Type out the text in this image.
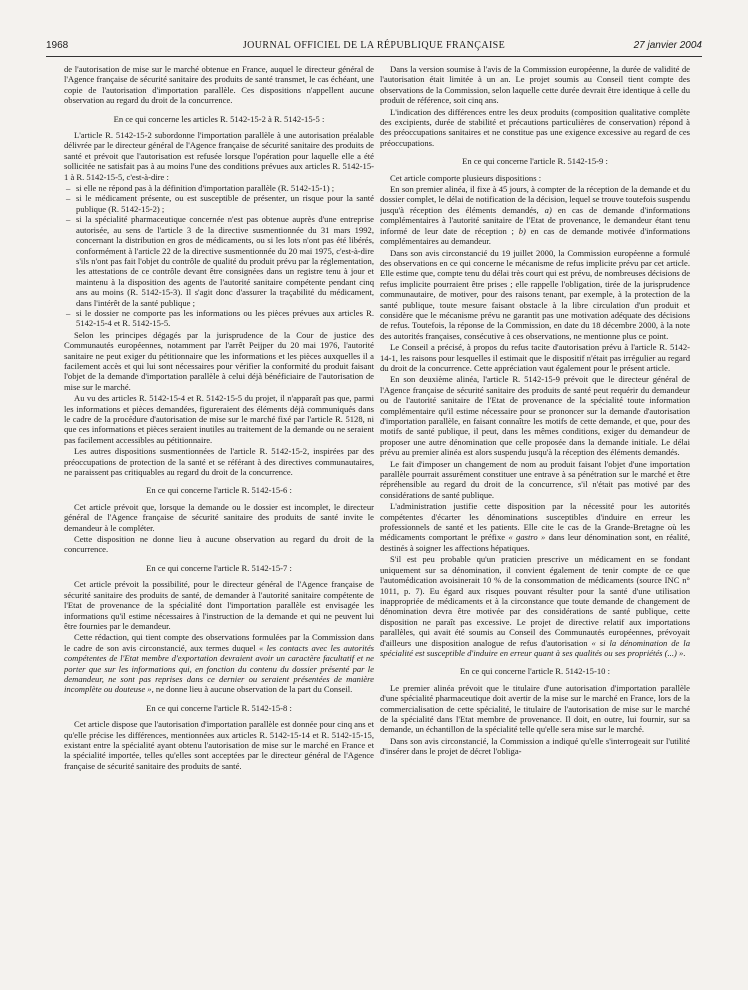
1968	JOURNAL OFFICIEL DE LA RÉPUBLIQUE FRANÇAISE	27 janvier 2004

de l'autorisation de mise sur le marché obtenue en France, auquel le directeur général de l'Agence française de sécurité sanitaire des produits de santé transmet, le cas échéant, une copie de l'autorisation d'importation parallèle. Ces dispositions n'appellent aucune observation au regard du droit de la concurrence.

En ce qui concerne les articles R. 5142-15-2 à R. 5142-15-5 :

L'article R. 5142-15-2 subordonne l'importation parallèle à une autorisation préalable délivrée par le directeur général de l'Agence française de sécurité sanitaire des produits de santé et prévoit que l'autorisation est refusée lorsque l'opération pour laquelle elle a été sollicitée ne satisfait pas à au moins l'une des conditions prévues aux articles R. 5142-15-1 à R. 5142-15-5, c'est-à-dire :

– si elle ne répond pas à la définition d'importation parallèle (R. 5142-15-1) ;
– si le médicament présente, ou est susceptible de présenter, un risque pour la santé publique (R. 5142-15-2) ;
– si la spécialité pharmaceutique concernée n'est pas obtenue auprès d'une entreprise autorisée, au sens de l'article 3 de la directive susmentionnée du 31 mars 1992, concernant la distribution en gros de médicaments, ou si les lots n'ont pas été libérés, conformément à l'article 22 de la directive susmentionnée du 20 mai 1975, c'est-à-dire s'ils n'ont pas fait l'objet du contrôle de qualité du produit prévu par la réglementation, les attestations de ce contrôle devant être consignées dans un registre tenu à jour et maintenu à la disposition des agents de l'autorité sanitaire compétente pendant cinq ans au moins (R. 5142-15-3). Il s'agit donc d'assurer la traçabilité du médicament, dans l'intérêt de la santé publique ;
– si le dossier ne comporte pas les informations ou les pièces prévues aux articles R. 5142-15-4 et R. 5142-15-5.

Selon les principes dégagés par la jurisprudence de la Cour de justice des Communautés européennes, notamment par l'arrêt Peijper du 20 mai 1976, l'autorité sanitaire ne peut exiger du pétitionnaire que les informations et les pièces auxquelles il a facilement accès et qui lui sont nécessaires pour vérifier la conformité du produit faisant l'objet de la demande d'importation parallèle à celui déjà bénéficiaire de l'autorisation de mise sur le marché.

Au vu des articles R. 5142-15-4 et R. 5142-15-5 du projet, il n'apparaît pas que, parmi les informations et pièces demandées, figureraient des éléments déjà communiqués dans le cadre de la procédure d'autorisation de mise sur le marché fixé par l'article R. 5128, ni que ces informations et pièces seraient inutiles au traitement de la demande ou ne seraient pas facilement accessibles au pétitionnaire.

Les autres dispositions susmentionnées de l'article R. 5142-15-2, inspirées par des préoccupations de protection de la santé et se référant à des directives communautaires, ne paraissent pas critiquables au regard du droit de la concurrence.

En ce qui concerne l'article R. 5142-15-6 :

Cet article prévoit que, lorsque la demande ou le dossier est incomplet, le directeur général de l'Agence française de sécurité sanitaire des produits de santé invite le demandeur à le compléter.

Cette disposition ne donne lieu à aucune observation au regard du droit de la concurrence.

En ce qui concerne l'article R. 5142-15-7 :

Cet article prévoit la possibilité, pour le directeur général de l'Agence française de sécurité sanitaire des produits de santé, de demander à l'autorité sanitaire compétente de l'Etat de provenance de la spécialité dont l'importation parallèle est envisagée les informations qu'il estime nécessaires à l'instruction de la demande et qui ne peuvent lui être fournies par le demandeur.

Cette rédaction, qui tient compte des observations formulées par la Commission dans le cadre de son avis circonstancié, aux termes duquel « les contacts avec les autorités compétentes de l'Etat membre d'exportation devraient avoir un caractère facultatif et ne porter que sur les informations qui, en fonction du contenu du dossier présenté par le demandeur, ne sont pas reprises dans ce dernier ou seraient présentées de manière incomplète ou douteuse », ne donne lieu à aucune observation de la part du Conseil.

En ce qui concerne l'article R. 5142-15-8 :

Cet article dispose que l'autorisation d'importation parallèle est donnée pour cinq ans et qu'elle précise les différences, mentionnées aux articles R. 5142-15-14 et R. 5142-15-15, existant entre la spécialité ayant obtenu l'autorisation de mise sur le marché en France et la spécialité importée, telles qu'elles sont acceptées par le directeur général de l'Agence française de sécurité sanitaire des produits de santé.

Dans la version soumise à l'avis de la Commission européenne, la durée de validité de l'autorisation était limitée à un an. Le projet soumis au Conseil tient compte des observations de la Commission, selon laquelle cette durée devrait être identique à celle du produit de référence, soit cinq ans.

L'indication des différences entre les deux produits (composition qualitative complète des excipients, durée de stabilité et précautions particulières de conservation) répond à des préoccupations sanitaires et ne constitue pas une exigence excessive au regard de ces préoccupations.

En ce qui concerne l'article R. 5142-15-9 :

Cet article comporte plusieurs dispositions :

En son premier alinéa, il fixe à 45 jours, à compter de la réception de la demande et du dossier complet, le délai de notification de la décision, lequel se trouve toutefois suspendu jusqu'à réception des éléments demandés, a) en cas de demande d'informations complémentaires à l'autorité sanitaire de l'Etat de provenance, le demandeur étant tenu informé de leur date de réception ; b) en cas de demande motivée d'informations complémentaires au demandeur.

Dans son avis circonstancié du 19 juillet 2000, la Commission européenne a formulé des observations en ce qui concerne le mécanisme de refus implicite prévu par cet article. Elle estime que, compte tenu du délai très court qui est prévu, de nombreuses décisions de refus implicite pourraient être prises ; elle rappelle l'obligation, tirée de la jurisprudence communautaire, de motiver, pour des raisons tenant, par exemple, à la protection de la santé publique, toute mesure faisant obstacle à la libre circulation d'un produit et considère que le mécanisme prévu ne garantit pas une motivation adéquate des décisions de refus. Toutefois, la réponse de la Commission, en date du 18 décembre 2000, à la note des autorités françaises, consécutive à ces observations, ne mentionne plus ce point.

Le Conseil a précisé, à propos du refus tacite d'autorisation prévu à l'article R. 5142-14-1, les raisons pour lesquelles il estimait que le dispositif n'était pas irrégulier au regard du droit de la concurrence. Cette appréciation vaut également pour le présent article.

En son deuxième alinéa, l'article R. 5142-15-9 prévoit que le directeur général de l'Agence française de sécurité sanitaire des produits de santé peut requérir du demandeur ou de l'autorité sanitaire de l'Etat de provenance de la spécialité toute information complémentaire qu'il estime nécessaire pour se prononcer sur la demande d'autorisation d'importation parallèle, en faisant connaître les motifs de cette demande, et que, pour des motifs de santé publique, il peut, dans les mêmes conditions, exiger du demandeur de proposer une autre dénomination que celle proposée dans la demande initiale. Le délai prévu au premier alinéa est alors suspendu jusqu'à la réception des éléments demandés.

Le fait d'imposer un changement de nom au produit faisant l'objet d'une importation parallèle pourrait assurément constituer une entrave à sa pénétration sur le marché et être répréhensible au regard du droit de la concurrence, s'il n'était pas motivé par des considérations de santé publique.

L'administration justifie cette disposition par la nécessité pour les autorités compétentes d'écarter les dénominations susceptibles d'induire en erreur les professionnels de santé et les patients. Elle cite le cas de la Grande-Bretagne où les médicaments comportant le préfixe « gastro » dans leur dénomination sont, en réalité, destinés à soigner les affections hépatiques.

S'il est peu probable qu'un praticien prescrive un médicament en se fondant uniquement sur sa dénomination, il convient également de tenir compte de ce que l'automédication avoisinerait 10 % de la consommation de médicaments (source INC n° 1011, p. 7). Eu égard aux risques pouvant résulter pour la santé d'une utilisation inappropriée de médicaments et à la circonstance que toute demande de changement de dénomination devra être motivée par des considérations de santé publique, cette disposition ne paraît pas excessive. Le projet de directive relatif aux importations parallèles, qui avait été soumis au Conseil des Communautés européennes, prévoyait d'ailleurs une disposition analogue de refus d'autorisation « si la dénomination de la spécialité est susceptible d'induire en erreur quant à ses qualités ou ses propriétés (...) ».

En ce qui concerne l'article R. 5142-15-10 :

Le premier alinéa prévoit que le titulaire d'une autorisation d'importation parallèle d'une spécialité pharmaceutique doit avertir de la mise sur le marché en France, lors de la commercialisation de cette spécialité, le titulaire de l'autorisation de mise sur le marché de la spécialité dans l'Etat membre de provenance. Il doit, en outre, lui fournir, sur sa demande, un échantillon de la spécialité telle qu'elle sera mise sur le marché.

Dans son avis circonstancié, la Commission a indiqué qu'elle s'interrogeait sur l'utilité d'insérer dans le projet de décret l'obliga-
